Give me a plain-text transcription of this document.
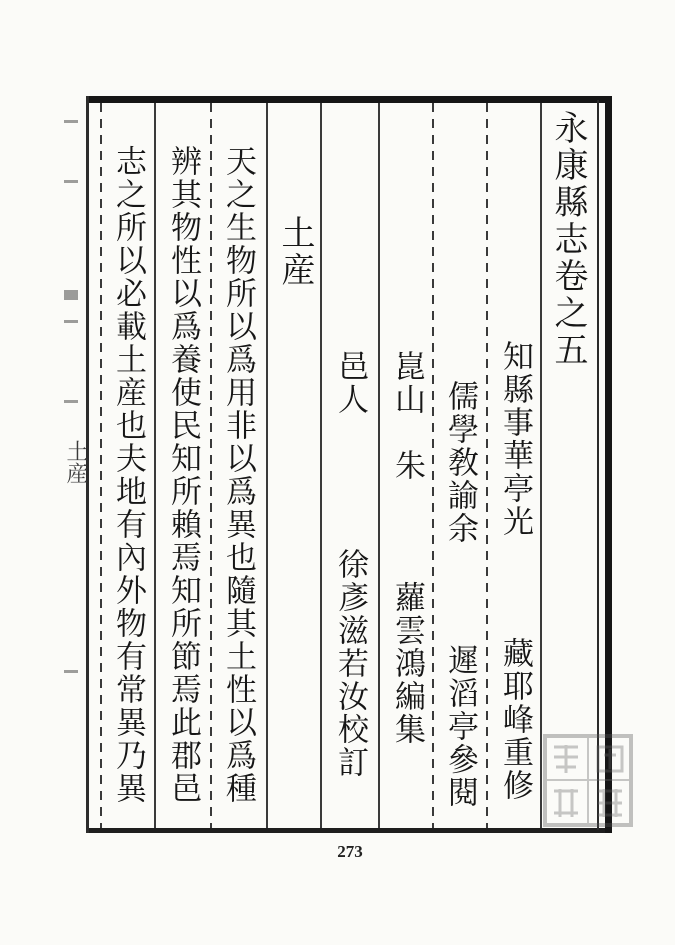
永康縣志卷之五
知縣事華亭光　　　藏耶峰重修
儒學敎諭余　　　遲滔亭參閱
崑山　朱　　　蘿雲鴻編集
邑人　　　　徐彥滋若汝校訂
土産
天之生物所以爲用非以爲異也隨其土性以爲種
辨其物性以爲養使民知所賴焉知所節焉此郡邑
志之所以必載土産也夫地有內外物有常異乃異
土産
273
